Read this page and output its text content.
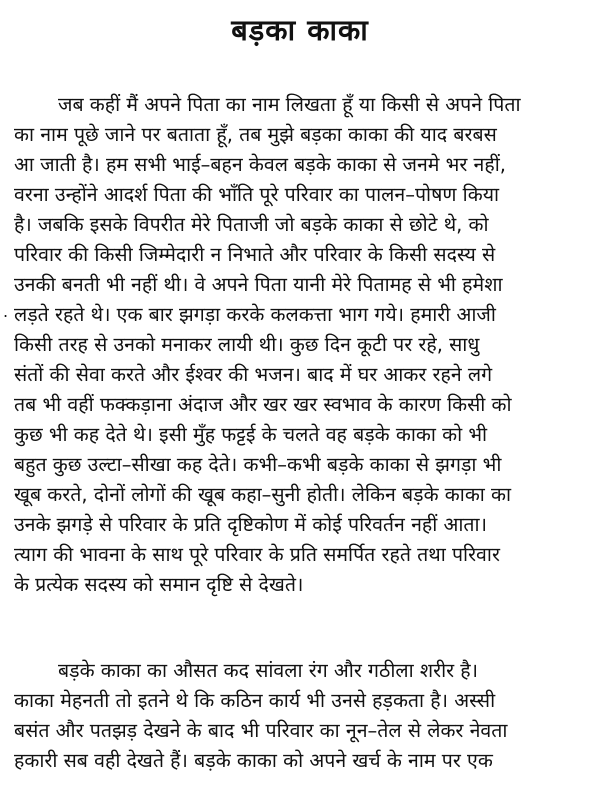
बड़का काका
.

जब कहीं मैं अपने पिता का नाम लिखता हूँ या किसी से अपने पिता
का नाम पूछे जाने पर बताता हूँ, तब मुझे बड़का काका की याद बरबस
आ जाती है। हम सभी भाई–बहन केवल बड़के काका से जनमे भर नहीं,
वरना उन्होंने आदर्श पिता की भाँति पूरे परिवार का पालन–पोषण किया
है। जबकि इसके विपरीत मेरे पिताजी जो बड़के काका से छोटे थे, को
परिवार की किसी जिम्मेदारी न निभाते और परिवार के किसी सदस्य से
उनकी बनती भी नहीं थी। वे अपने पिता यानी मेरे पितामह से भी हमेशा
लड़ते रहते थे। एक बार झगड़ा करके कलकत्ता भाग गये। हमारी आजी
किसी तरह से उनको मनाकर लायी थी। कुछ दिन कूटी पर रहे, साधु
संतों की सेवा करते और ईश्वर की भजन। बाद में घर आकर रहने लगे
तब भी वहीं फक्कड़ाना अंदाज और खर खर स्वभाव के कारण किसी को
कुछ भी कह देते थे। इसी मुँह फट्टई के चलते वह बड़के काका को भी
बहुत कुछ उल्टा–सीखा कह देते। कभी–कभी बड़के काका से झगड़ा भी
खूब करते, दोनों लोगों की खूब कहा–सुनी होती। लेकिन बड़के काका का
उनके झगड़े से परिवार के प्रति दृष्टिकोण में कोई परिवर्तन नहीं आता।
त्याग की भावना के साथ पूरे परिवार के प्रति समर्पित रहते तथा परिवार
के प्रत्येक सदस्य को समान दृष्टि से देखते।

बड़के काका का औसत कद सांवला रंग और गठीला शरीर है।
काका मेहनती तो इतने थे कि कठिन कार्य भी उनसे हड़कता है। अस्सी
बसंत और पतझड़ देखने के बाद भी परिवार का नून–तेल से लेकर नेवता
हकारी सब वही देखते हैं। बड़के काका को अपने खर्च के नाम पर एक
